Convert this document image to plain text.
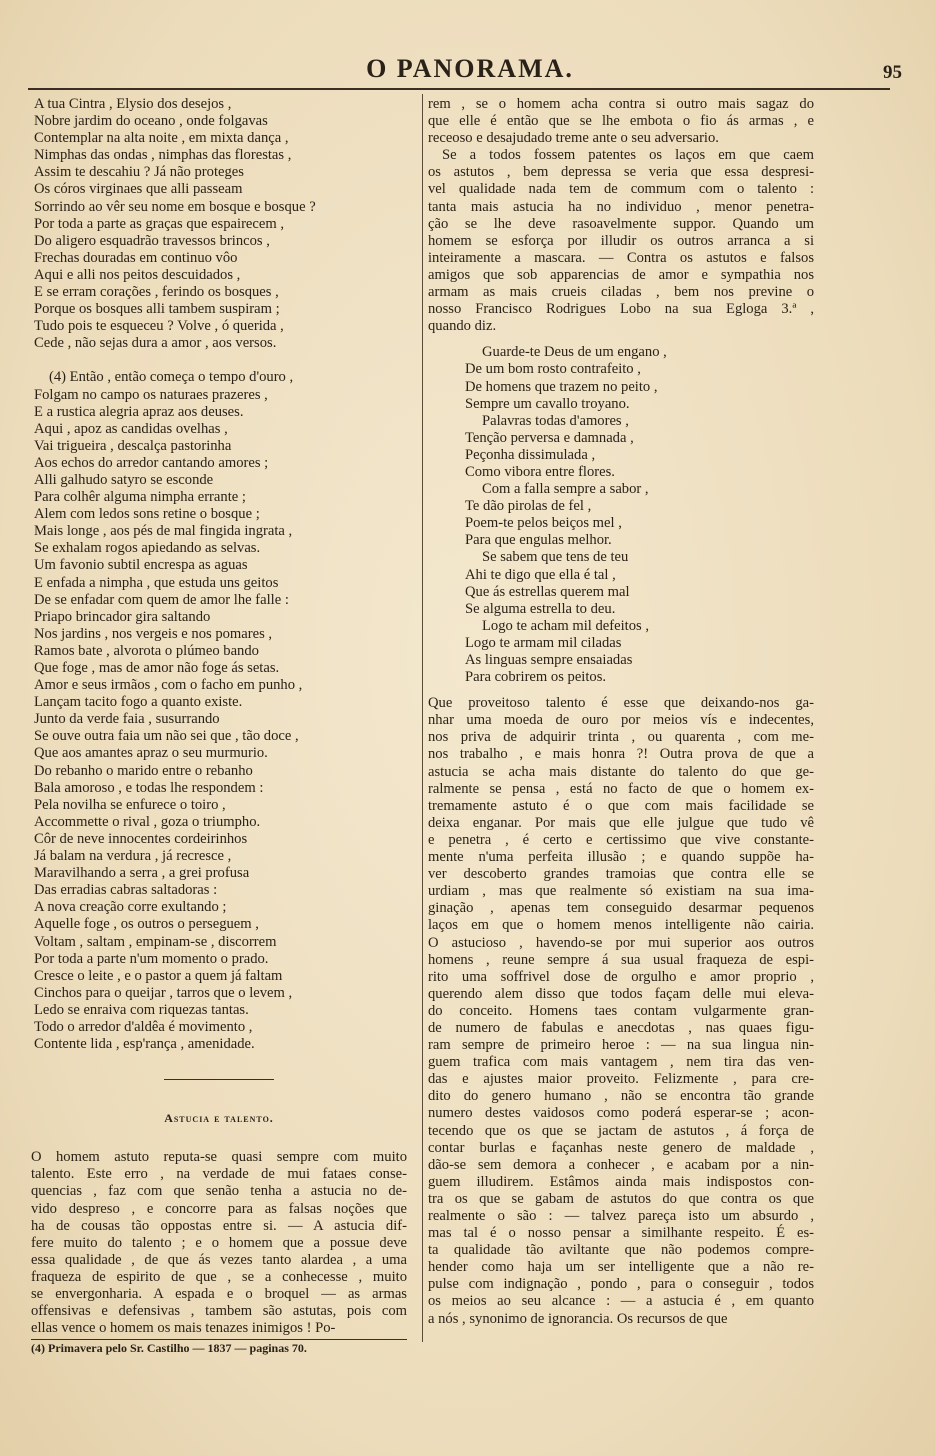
O PANORAMA.	95
A tua Cintra , Elysio dos desejos ,
Nobre jardim do oceano , onde folgavas
Contemplar na alta noite , em mixta dança ,
Nimphas das ondas , nimphas das florestas ,
Assim te descahiu ? Já não proteges
Os córos virginaes que alli passeam
Sorrindo ao vêr seu nome em bosque e bosque ?
Por toda a parte as graças que espairecem ,
Do aligero esquadrão travessos brincos ,
Frechas douradas em continuo vôo
Aqui e alli nos peitos descuidados ,
E se erram corações , ferindo os bosques ,
Porque os bosques alli tambem suspiram ;
Tudo pois te esqueceu ? Volve , ó querida ,
Cede , não sejas dura a amor , aos versos.
(4) Então , então começa o tempo d'ouro ,
Folgam no campo os naturaes prazeres ,
E a rustica alegria apraz aos deuses.
Aqui , apoz as candidas ovelhas ,
Vai trigueira , descalça pastorinha
Aos echos do arredor cantando amores ;
Alli galhudo satyro se esconde
Para colhêr alguma nimpha errante ;
Alem com ledos sons retine o bosque ;
Mais longe , aos pés de mal fingida ingrata ,
Se exhalam rogos apiedando as selvas.
Um favonio subtil encrespa as aguas
E enfada a nimpha , que estuda uns geitos
De se enfadar com quem de amor lhe falle :
Priapo brincador gira saltando
Nos jardins , nos vergeis e nos pomares ,
Ramos bate , alvorota o plúmeo bando
Que foge , mas de amor não foge ás setas.
Amor e seus irmãos , com o facho em punho ,
Lançam tacito fogo a quanto existe.
Junto da verde faia , susurrando
Se ouve outra faia um não sei que , tão doce ,
Que aos amantes apraz o seu murmurio.
Do rebanho o marido entre o rebanho
Bala amoroso , e todas lhe respondem :
Pela novilha se enfurece o toiro ,
Accommette o rival , goza o triumpho.
Côr de neve innocentes cordeirinhos
Já balam na verdura , já recresce ,
Maravilhando a serra , a grei profusa
Das erradias cabras saltadoras :
A nova creação corre exultando ;
Aquelle foge , os outros o perseguem ,
Voltam , saltam , empinam-se , discorrem
Por toda a parte n'um momento o prado.
Cresce o leite , e o pastor a quem já faltam
Cinchos para o queijar , tarros que o levem ,
Ledo se enraiva com riquezas tantas.
Todo o arredor d'aldêa é movimento ,
Contente lida , esp'rança , amenidade.
Astucia e talento.
O homem astuto reputa-se quasi sempre com muito
talento. Este erro , na verdade de mui fataes conse-
quencias , faz com que senão tenha a astucia no de-
vido despreso , e concorre para as falsas noções que
ha de cousas tão oppostas entre si. — A astucia dif-
fere muito do talento ; e o homem que a possue deve
essa qualidade , de que ás vezes tanto alardea , a uma
fraqueza de espirito de que , se a conhecesse , muito
se envergonharia. A espada e o broquel — as armas
offensivas e defensivas , tambem são astutas, pois com
ellas vence o homem os mais tenazes inimigos ! Po-
(4) Primavera pelo Sr. Castilho — 1837 — paginas 70.
rem , se o homem acha contra si outro mais sagaz do
que elle é então que se lhe embota o fio ás armas , e
receoso e desajudado treme ante o seu adversario.
Se a todos fossem patentes os laços em que caem
os astutos , bem depressa se veria que essa despresi-
vel qualidade nada tem de commum com o talento :
tanta mais astucia ha no individuo , menor penetra-
ção se lhe deve rasoavelmente suppor. Quando um
homem se esforça por illudir os outros arranca a si
inteiramente a mascara. — Contra os astutos e falsos
amigos que sob apparencias de amor e sympathia nos
armam as mais crueis ciladas , bem nos previne o
nosso Francisco Rodrigues Lobo na sua Egloga 3.ª ,
quando diz.
Guarde-te Deus de um engano ,
De um bom rosto contrafeito ,
De homens que trazem no peito ,
Sempre um cavallo troyano.
Palavras todas d'amores ,
Tenção perversa e damnada ,
Peçonha dissimulada ,
Como vibora entre flores.
Com a falla sempre a sabor ,
Te dão pirolas de fel ,
Poem-te pelos beiços mel ,
Para que engulas melhor.
Se sabem que tens de teu
Ahi te digo que ella é tal ,
Que ás estrellas querem mal
Se alguma estrella to deu.
Logo te acham mil defeitos ,
Logo te armam mil ciladas
As linguas sempre ensaiadas
Para cobrirem os peitos.
Que proveitoso talento é esse que deixando-nos ga-
nhar uma moeda de ouro por meios vís e indecentes,
nos priva de adquirir trinta , ou quarenta , com me-
nos trabalho , e mais honra ?! Outra prova de que a
astucia se acha mais distante do talento do que ge-
ralmente se pensa , está no facto de que o homem ex-
tremamente astuto é o que com mais facilidade se
deixa enganar. Por mais que elle julgue que tudo vê
e penetra , é certo e certissimo que vive constante-
mente n'uma perfeita illusão ; e quando suppõe ha-
ver descoberto grandes tramoias que contra elle se
urdiam , mas que realmente só existiam na sua ima-
ginação , apenas tem conseguido desarmar pequenos
laços em que o homem menos intelligente não cairia.
O astucioso , havendo-se por mui superior aos outros
homens , reune sempre á sua usual fraqueza de espi-
rito uma soffrivel dose de orgulho e amor proprio ,
querendo alem disso que todos façam delle mui eleva-
do conceito. Homens taes contam vulgarmente gran-
de numero de fabulas e anecdotas , nas quaes figu-
ram sempre de primeiro heroe : — na sua lingua nin-
guem trafica com mais vantagem , nem tira das ven-
das e ajustes maior proveito. Felizmente , para cre-
dito do genero humano , não se encontra tão grande
numero destes vaidosos como poderá esperar-se ; acon-
tecendo que os que se jactam de astutos , á força de
contar burlas e façanhas neste genero de maldade ,
dão-se sem demora a conhecer , e acabam por a nin-
guem illudirem. Estâmos ainda mais indispostos con-
tra os que se gabam de astutos do que contra os que
realmente o são : — talvez pareça isto um absurdo ,
mas tal é o nosso pensar a similhante respeito. É es-
ta qualidade tão aviltante que não podemos compre-
hender como haja um ser intelligente que a não re-
pulse com indignação , pondo , para o conseguir , todos
os meios ao seu alcance : — a astucia é , em quanto
a nós , synonimo de ignorancia. Os recursos de que
